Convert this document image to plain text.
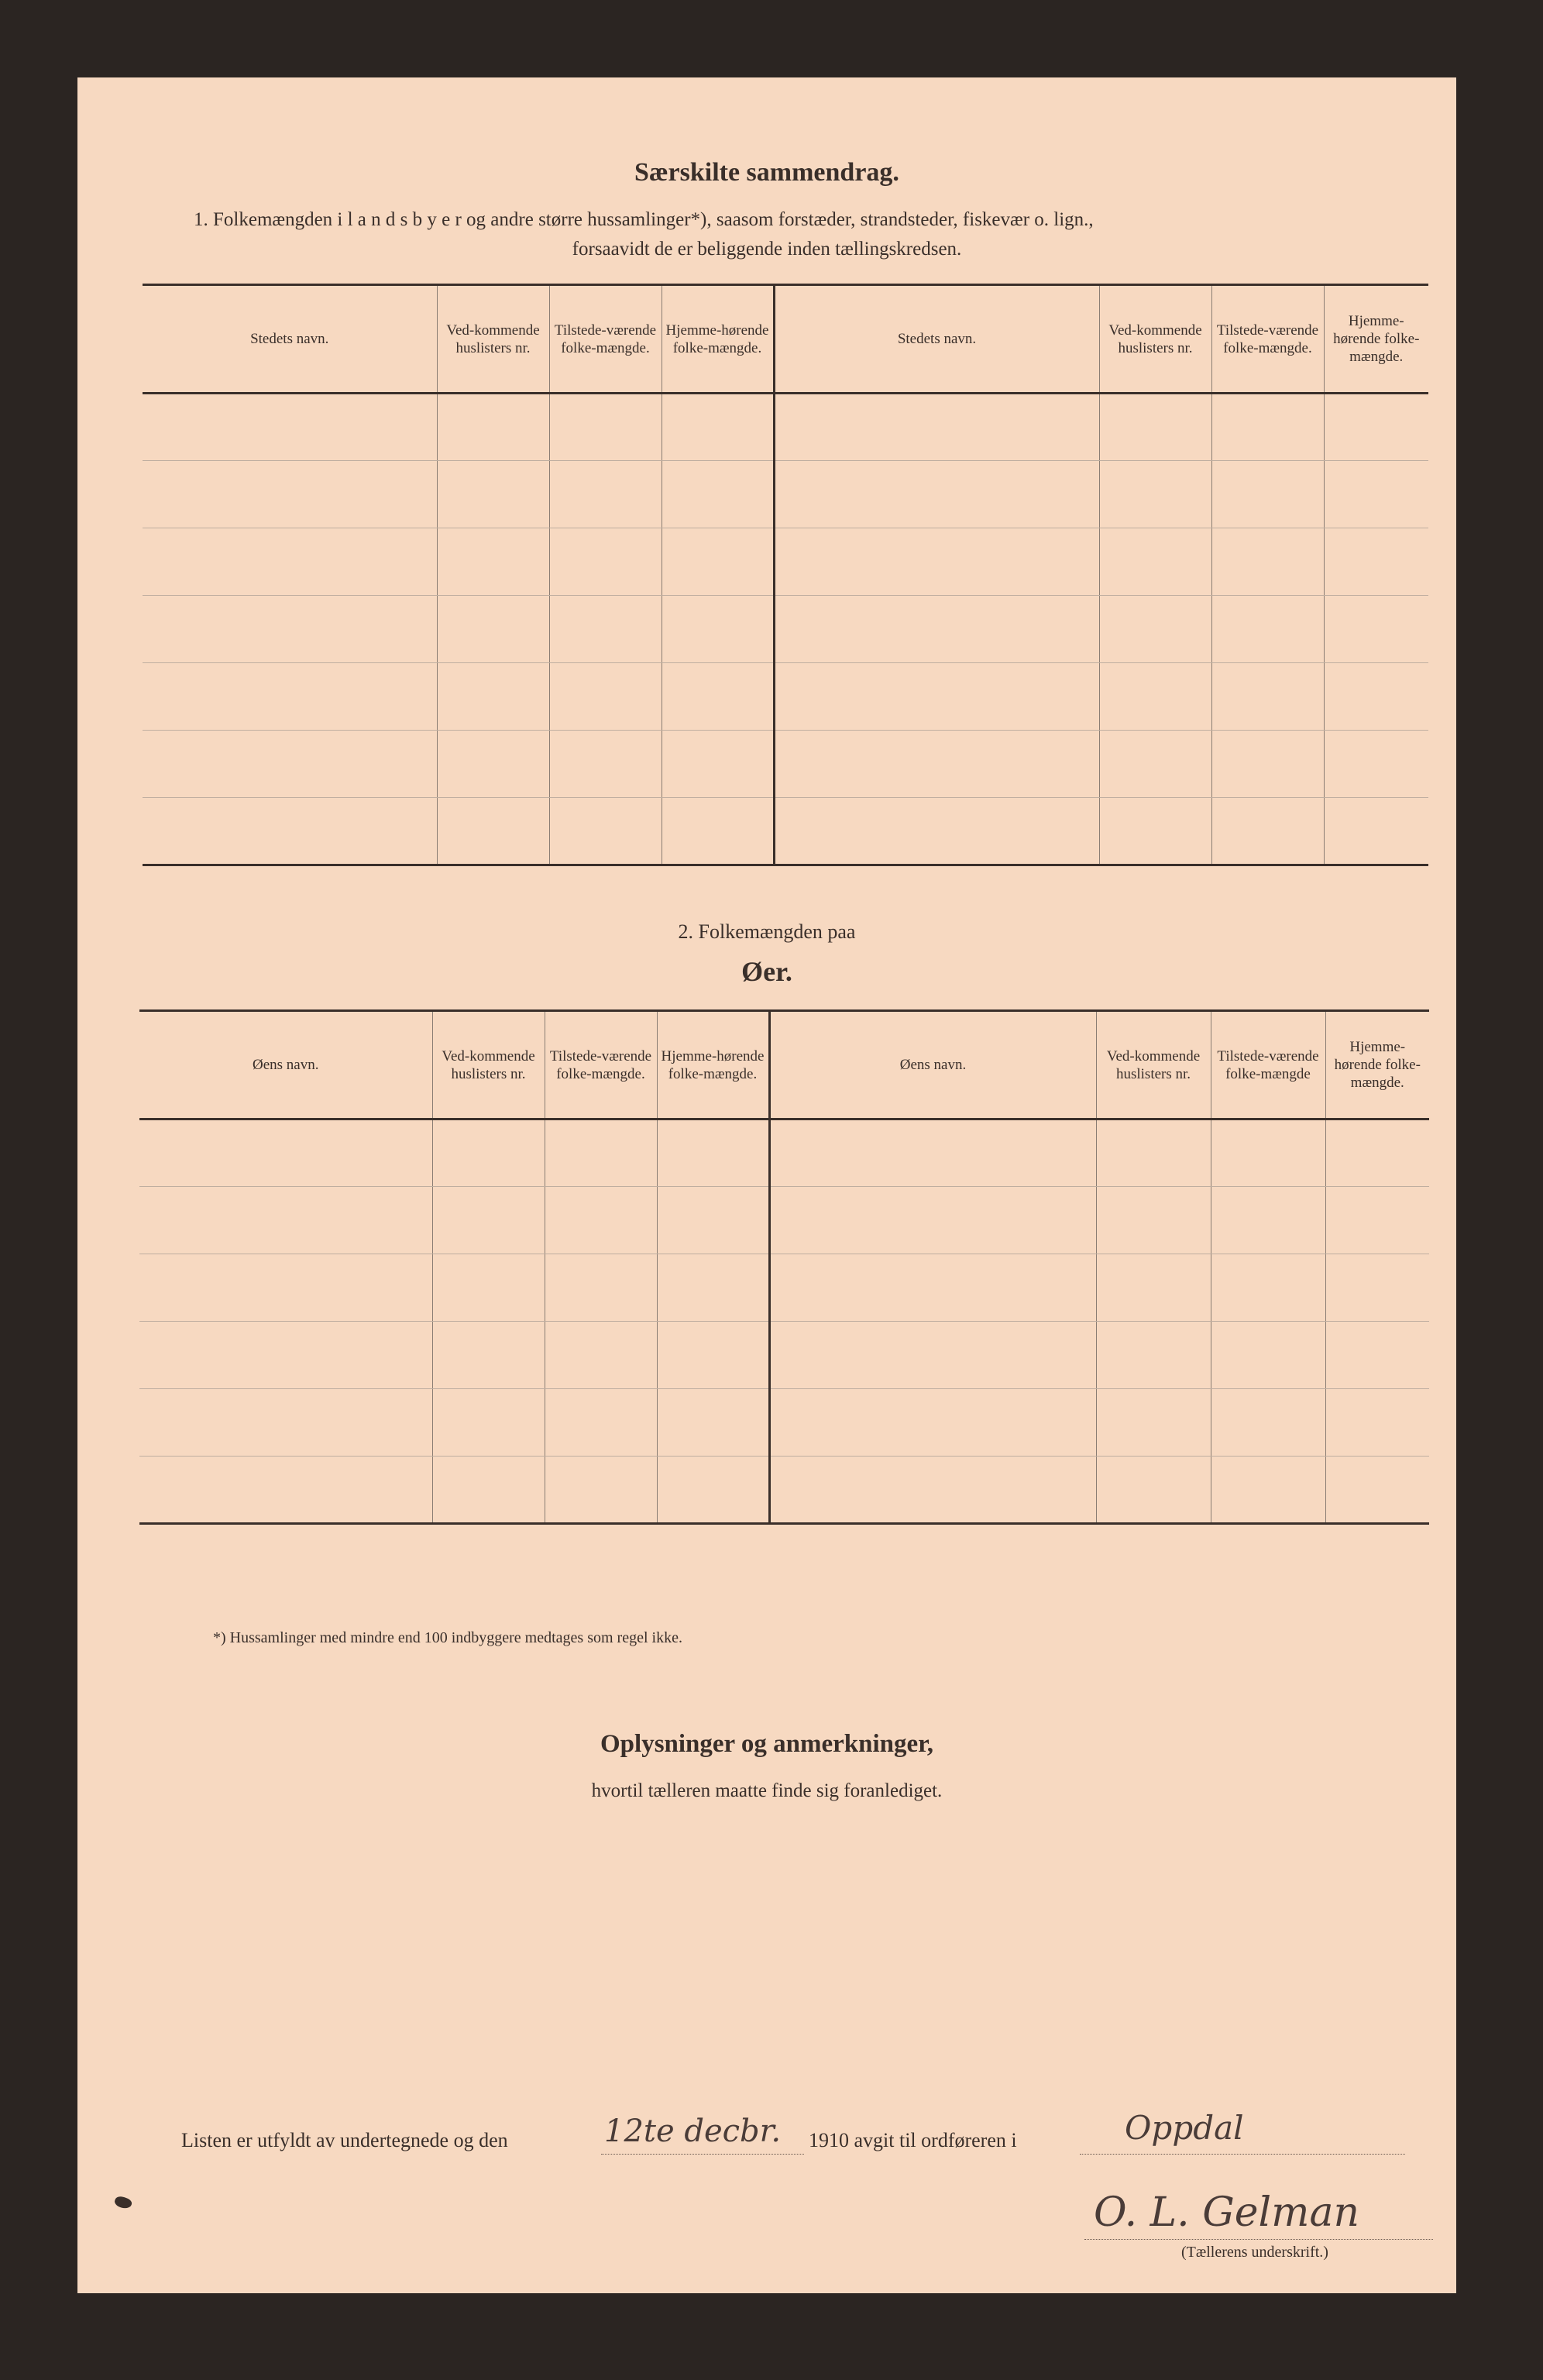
Særskilte sammendrag.
1. Folkemængden i l a n d s b y e r og andre større hussamlinger*), saasom forstæder, strandsteder, fiskevær o. lign.,
forsaavidt de er beliggende inden tællingskredsen.
Stedets navn.	Ved-kommende huslisters nr.	Tilstede-værende folke-mængde.	Hjemme-hørende folke-mængde.	Stedets navn.	Ved-kommende huslisters nr.	Tilstede-værende folke-mængde.	Hjemme-hørende folke-mængde.

2. Folkemængden paa
Øer.
Øens navn.	Ved-kommende huslisters nr.	Tilstede-værende folke-mængde.	Hjemme-hørende folke-mængde.	Øens navn.	Ved-kommende huslisters nr.	Tilstede-værende folke-mængde	Hjemme-hørende folke-mængde.

*) Hussamlinger med mindre end 100 indbyggere medtages som regel ikke.
Oplysninger og anmerkninger,
hvortil tælleren maatte finde sig foranlediget.
Listen er utfyldt av undertegnede og den	12te decbr. 1910 avgit til ordføreren i	Oppdal
O. L. Gelman
(Tællerens underskrift.)
